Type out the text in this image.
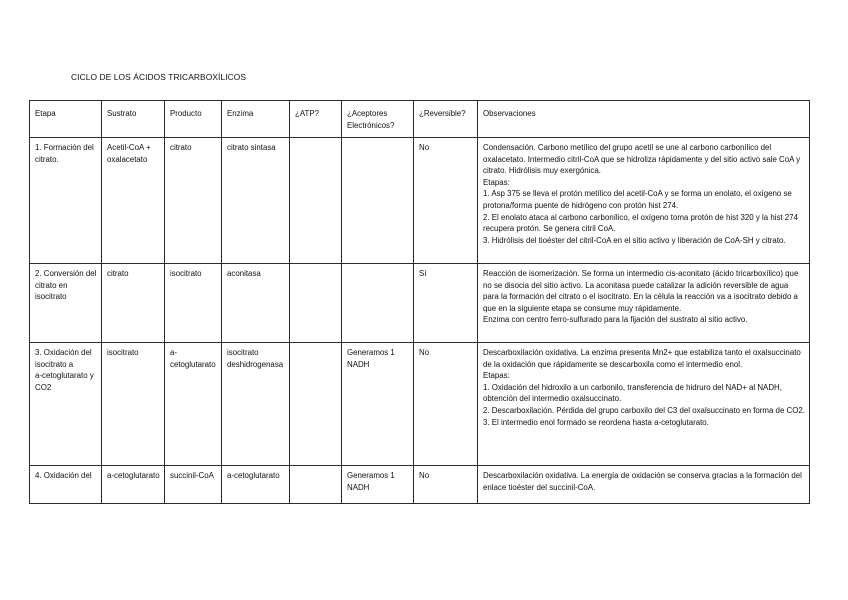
CICLO DE LOS ÁCIDOS TRICARBOXÍLICOS
Etapa	Sustrato	Producto	Enzima	¿ATP?	¿Aceptores Electrónicos?	¿Reversible?	Observaciones
1. Formación del citrato.	Acetil-CoA + oxalacetato	citrato	citrato sintasa			No	Condensación. Carbono metílico del grupo acetil se une al carbono carbonílico del oxalacetato. Intermedio citril-CoA que se hidroliza rápidamente y del sitio activo sale CoA y citrato. Hidrólisis muy exergónica.
Etapas:
1. Asp 375 se lleva el protón metílico del acetil-CoA y se forma un enolato, el oxígeno se protona/forma puente de hidrógeno con protón hist 274.
2. El enolato ataca al carbono carbonílico, el oxígeno toma protón de hist 320 y la hist 274 recupera protón. Se genera citril CoA.
3. Hidrólisis del tioéster del citril-CoA en el sitio activo y liberación de CoA-SH y citrato.
2. Conversión del citrato en isocitrato	citrato	isocitrato	aconitasa			Sí	Reacción de isomerización. Se forma un intermedio cis-aconitato (ácido tricarboxílico) que no se disocia del sitio activo. La aconitasa puede catalizar la adición reversible de agua para la formación del citrato o el isocitrato. En la célula la reacción va a isocitrato debido a que en la siguiente etapa se consume muy rápidamente.
Enzima con centro ferro-sulfurado para la fijación del sustrato al sitio activo.
3. Oxidación del isocitrato a
a-cetoglutarato y CO2	isocitrato	a-cetoglutarato	isocitrato deshidrogenasa		Generamos 1 NADH	No	Descarboxilación oxidativa. La enzima presenta Mn2+ que estabiliza tanto el oxalsuccinato de la oxidación que rápidamente se descarboxila como el intermedio enol.
Etapas:
1. Oxidación del hidroxilo a un carbonilo, transferencia de hidruro del NAD+ al NADH, obtención del intermedio oxalsuccinato.
2. Descarboxilación. Pérdida del grupo carboxilo del C3 del oxalsuccinato en forma de CO2.
3. El intermedio enol formado se reordena hasta a-cetoglutarato.
4. Oxidación del	a-cetoglutarato	succinil-CoA	a-cetoglutarato		Generamos 1 NADH	No	Descarboxilación oxidativa. La energía de oxidación se conserva gracias a la formación del enlace tioéster del succinil-CoA.
